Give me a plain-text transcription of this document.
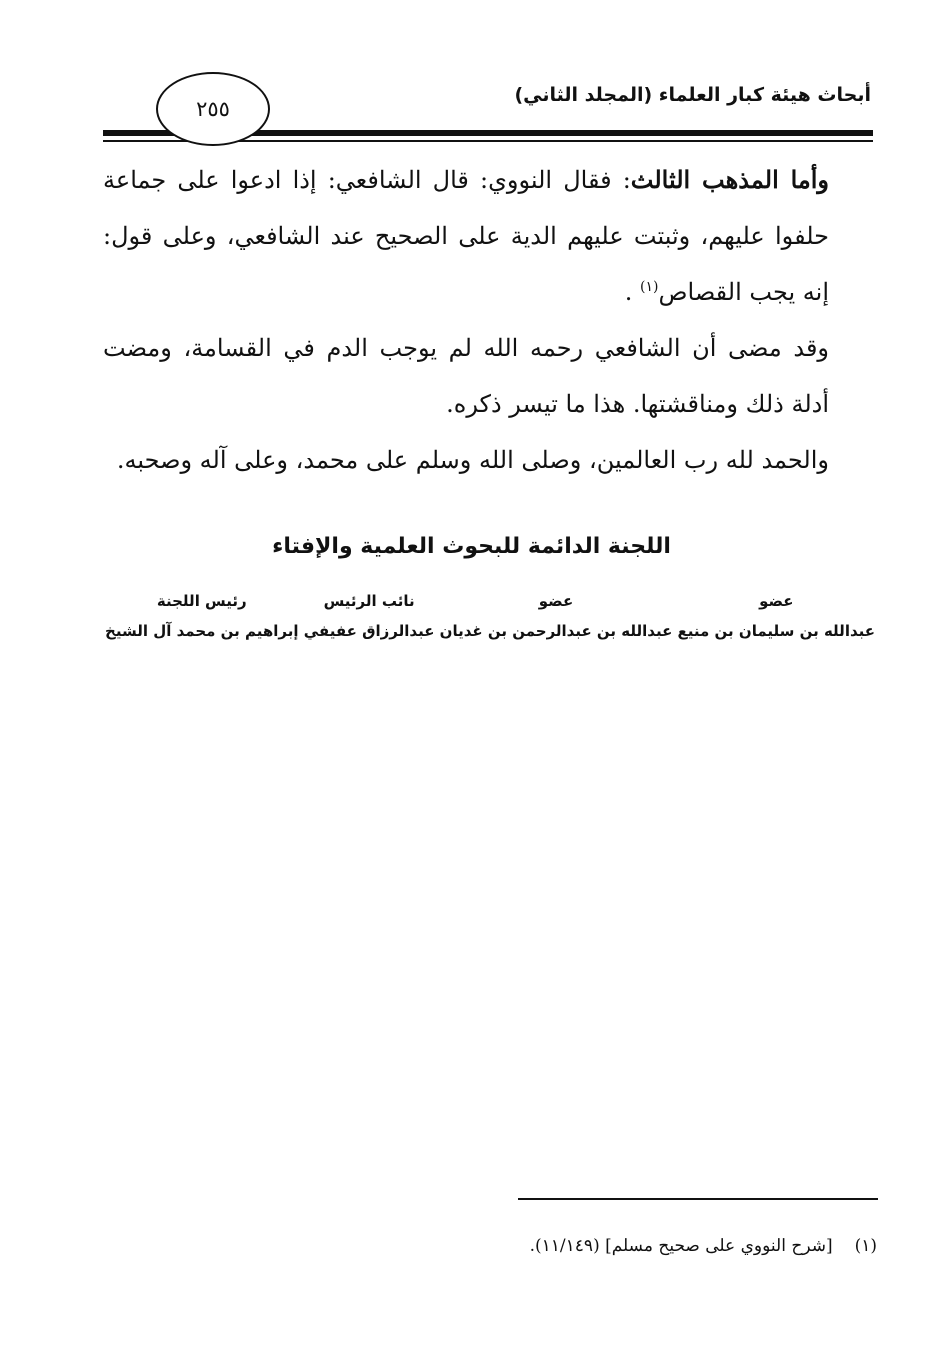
أبحاث هيئة كبار العلماء (المجلد الثاني)
٢٥٥

وأما المذهب الثالث: فقال النووي: قال الشافعي: إذا ادعوا على جماعة حلفوا عليهم، وثبتت عليهم الدية على الصحيح عند الشافعي، وعلى قول: إنه يجب القصاص$^{(١)}$ .

وقد مضى أن الشافعي رحمه الله لم يوجب الدم في القسامة، ومضت أدلة ذلك ومناقشتها. هذا ما تيسر ذكره.

والحمد لله رب العالمين، وصلى الله وسلم على محمد، وعلى آله وصحبه.

اللجنة الدائمة للبحوث العلمية والإفتاء
عضو
عبدالله بن سليمان بن منيع
عضو
عبدالله بن عبدالرحمن بن غديان
نائب الرئيس
عبدالرزاق عفيفي
رئيس اللجنة
إبراهيم بن محمد آل الشيخ
(١)[شرح النووي على صحيح مسلم] (١١/١٤٩).
